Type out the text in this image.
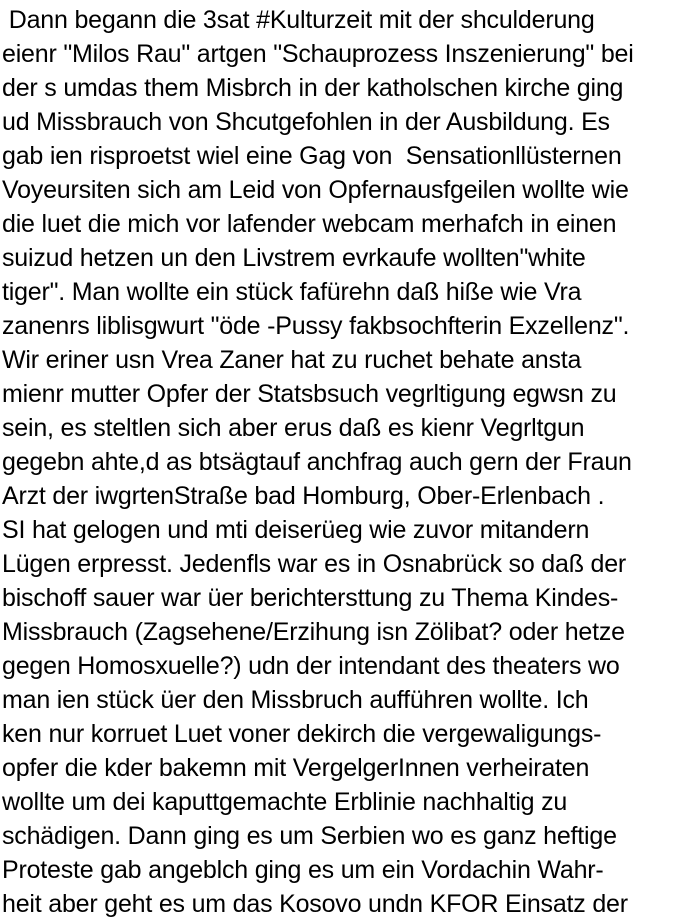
Dann begann die 3sat #Kulturzeit mit der shculderung
eienr "Milos Rau" artgen "Schauprozess Inszenierung" bei
der s umdas them Misbrch in der katholschen kirche ging
ud Missbrauch von Shcutgefohlen in der Ausbildung. Es
gab ien risproetst wiel eine Gag von  Sensationllüsternen
Voyeursiten sich am Leid von Opfernausfgeilen wollte wie
die luet die mich vor lafender webcam merhafch in einen
suizud hetzen un den Livstrem evrkaufe wollten"white
tiger". Man wollte ein stück fafürehn daß hiße wie Vra
zanenrs liblisgwurt "öde -Pussy fakbsochfterin Exzellenz".
Wir eriner usn Vrea Zaner hat zu ruchet behate ansta
mienr mutter Opfer der Statsbsuch vegrltigung egwsn zu
sein, es steltlen sich aber erus daß es kienr Vegrltgun
gegebn ahte,d as btsägtauf anchfrag auch gern der Fraun
Arzt der iwgrtenStraße bad Homburg, Ober-Erlenbach .
SI hat gelogen und mti deiserüeg wie zuvor mitandern
Lügen erpresst. Jedenfls war es in Osnabrück so daß der
bischoff sauer war üer berichtersttung zu Thema Kindes-
Missbrauch (Zagsehene/Erzihung isn Zölibat? oder hetze
gegen Homosxuelle?) udn der intendant des theaters wo
man ien stück üer den Missbruch aufführen wollte. Ich
ken nur korruet Luet voner dekirch die vergewaligungs-
opfer die kder bakemn mit VergelgerInnen verheiraten
wollte um dei kaputtgemachte Erblinie nachhaltig zu
schädigen. Dann ging es um Serbien wo es ganz heftige
Proteste gab angeblch ging es um ein Vordachin Wahr-
heit aber geht es um das Kosovo undn KFOR Einsatz der
